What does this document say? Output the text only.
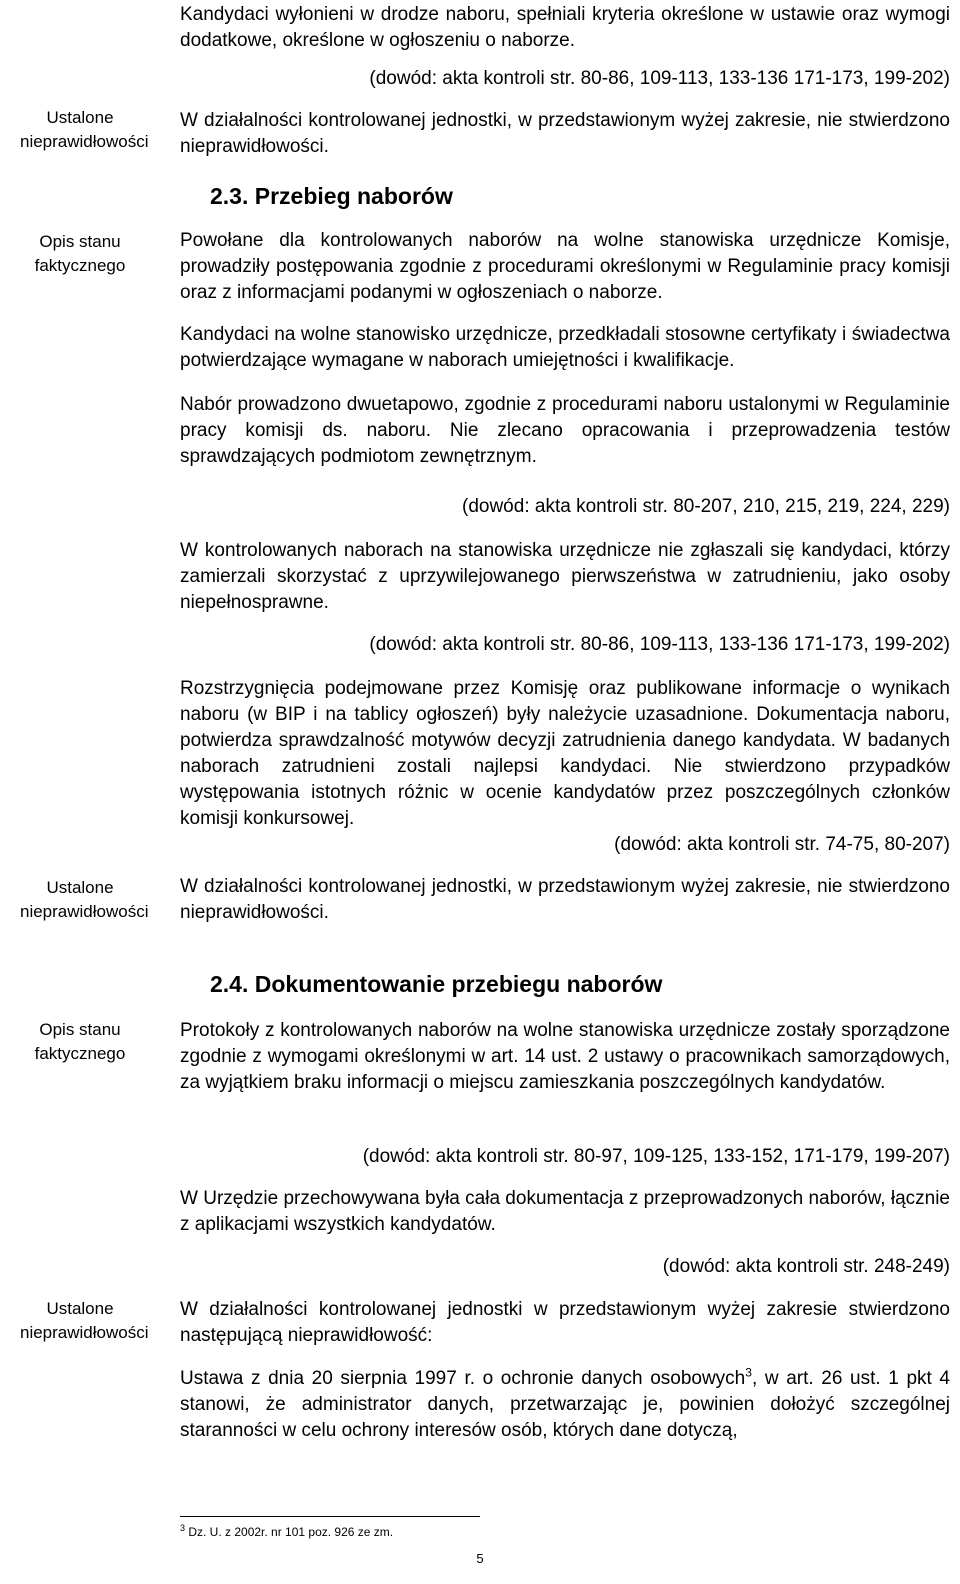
Ustalone nieprawidłowości
Opis stanu faktycznego
Ustalone nieprawidłowości
Opis stanu faktycznego
Ustalone nieprawidłowości
Kandydaci wyłonieni w drodze naboru, spełniali kryteria określone w ustawie oraz wymogi dodatkowe, określone w ogłoszeniu o naborze.
(dowód: akta kontroli str. 80-86, 109-113, 133-136 171-173, 199-202)
W działalności kontrolowanej jednostki, w przedstawionym wyżej zakresie, nie stwierdzono nieprawidłowości.
2.3. Przebieg naborów
Powołane dla kontrolowanych naborów na wolne stanowiska urzędnicze Komisje, prowadziły postępowania zgodnie z procedurami określonymi w Regulaminie pracy komisji oraz z informacjami podanymi w ogłoszeniach o naborze.
Kandydaci na wolne stanowisko urzędnicze, przedkładali stosowne certyfikaty i świadectwa potwierdzające wymagane w naborach umiejętności i kwalifikacje.
Nabór prowadzono dwuetapowo, zgodnie z procedurami naboru ustalonymi w Regulaminie pracy komisji ds. naboru. Nie zlecano opracowania i przeprowadzenia testów sprawdzających podmiotom zewnętrznym.
(dowód: akta kontroli str. 80-207, 210, 215, 219, 224, 229)
W kontrolowanych naborach na stanowiska urzędnicze nie zgłaszali się kandydaci, którzy zamierzali skorzystać z uprzywilejowanego pierwszeństwa w zatrudnieniu, jako osoby niepełnosprawne.
(dowód: akta kontroli str. 80-86, 109-113, 133-136 171-173, 199-202)
Rozstrzygnięcia podejmowane przez Komisję oraz publikowane informacje o wynikach naboru (w BIP i na tablicy ogłoszeń) były należycie uzasadnione. Dokumentacja naboru, potwierdza sprawdzalność motywów decyzji zatrudnienia danego kandydata. W badanych naborach zatrudnieni zostali najlepsi kandydaci. Nie stwierdzono przypadków występowania istotnych różnic w ocenie kandydatów przez poszczególnych członków komisji konkursowej.
(dowód: akta kontroli str. 74-75, 80-207)
W działalności kontrolowanej jednostki, w przedstawionym wyżej zakresie, nie stwierdzono nieprawidłowości.
2.4. Dokumentowanie przebiegu naborów
Protokoły z kontrolowanych naborów na wolne stanowiska urzędnicze zostały sporządzone zgodnie z wymogami określonymi w art. 14 ust. 2 ustawy o pracownikach samorządowych, za wyjątkiem braku informacji o miejscu zamieszkania poszczególnych kandydatów.
(dowód: akta kontroli str. 80-97, 109-125, 133-152, 171-179, 199-207)
W Urzędzie przechowywana była cała dokumentacja z przeprowadzonych naborów, łącznie z aplikacjami wszystkich kandydatów.
(dowód: akta kontroli str. 248-249)
W działalności kontrolowanej jednostki w przedstawionym wyżej zakresie stwierdzono następującą nieprawidłowość:
Ustawa z dnia 20 sierpnia 1997 r. o ochronie danych osobowych$^3$, w art. 26 ust. 1 pkt 4 stanowi, że administrator danych, przetwarzając je, powinien dołożyć szczególnej staranności w celu ochrony interesów osób, których dane dotyczą,
$^3$ Dz. U. z 2002r. nr 101 poz. 926 ze zm.
5
